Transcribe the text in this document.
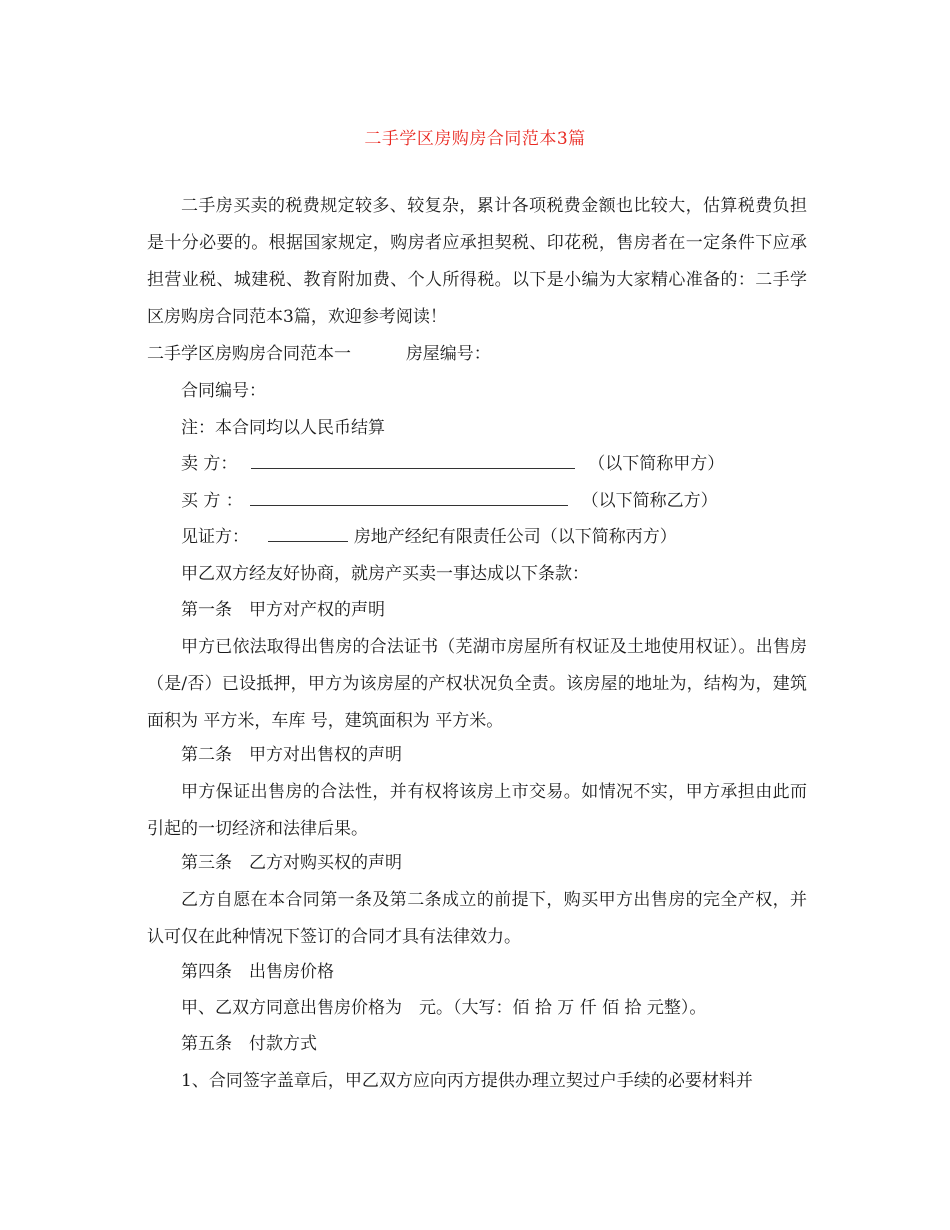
二手学区房购房合同范本3篇

二手房买卖的税费规定较多、较复杂，累计各项税费金额也比较大，估算税费负担是十分必要的。根据国家规定，购房者应承担契税、印花税，售房者在一定条件下应承担营业税、城建税、教育附加费、个人所得税。以下是小编为大家精心准备的：二手学区房购房合同范本3篇，欢迎参考阅读！

二手学区房购房合同范本一	房屋编号：
合同编号：
注：本合同均以人民币结算
卖 方：	（以下简称甲方）
买 方 ：	（以下简称乙方）
见证方：	房地产经纪有限责任公司（以下简称丙方）
甲乙双方经友好协商，就房产买卖一事达成以下条款：
第一条　甲方对产权的声明

甲方已依法取得出售房的合法证书（芜湖市房屋所有权证及土地使用权证）。出售房（是/否）已设抵押，甲方为该房屋的产权状况负全责。该房屋的地址为，结构为，建筑面积为 平方米，车库 号，建筑面积为 平方米。

第二条　甲方对出售权的声明

甲方保证出售房的合法性，并有权将该房上市交易。如情况不实，甲方承担由此而引起的一切经济和法律后果。

第三条　乙方对购买权的声明

乙方自愿在本合同第一条及第二条成立的前提下，购买甲方出售房的完全产权，并认可仅在此种情况下签订的合同才具有法律效力。

第四条　出售房价格
甲、乙双方同意出售房价格为　元。（大写：佰 拾 万 仟 佰 拾 元整）。
第五条　付款方式
1、合同签字盖章后，甲乙双方应向丙方提供办理立契过户手续的必要材料并
